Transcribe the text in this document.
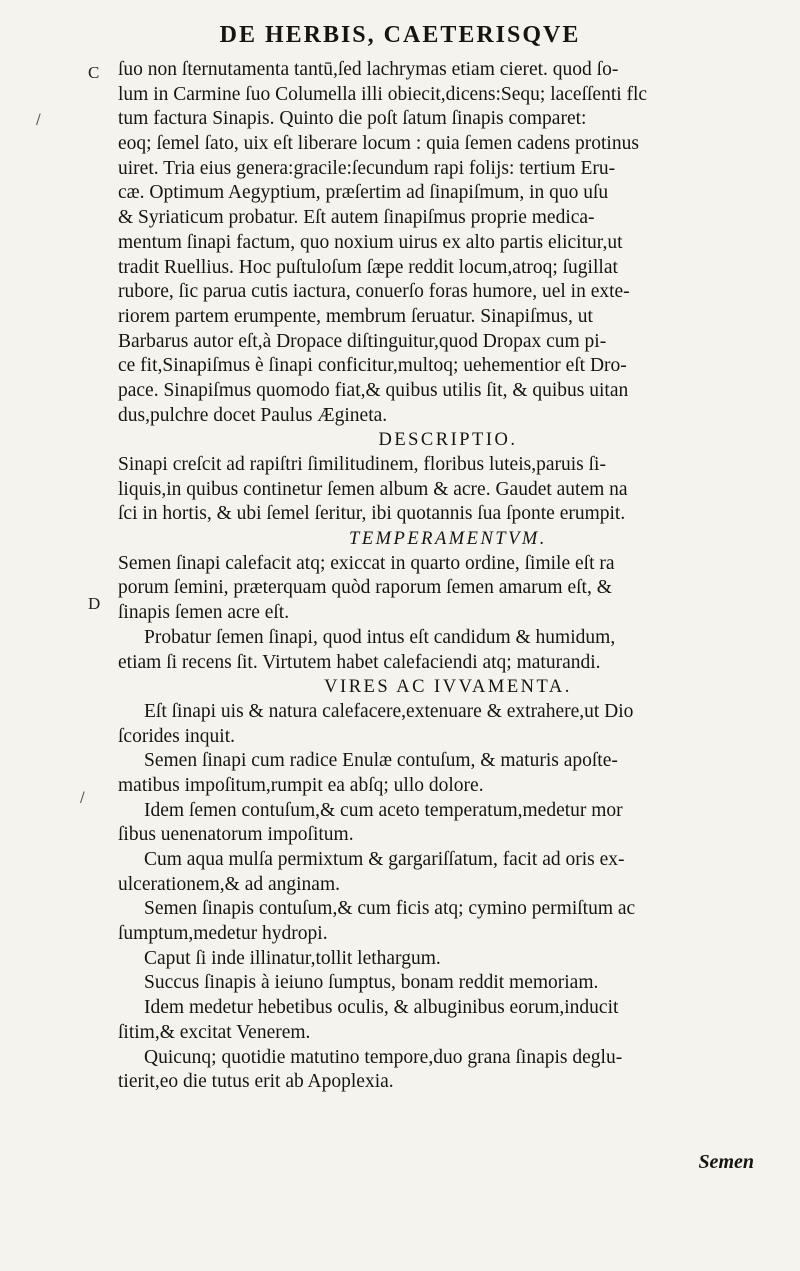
DE HERBIS, CAETERISQVE
C
D
ſuo non ſternutamenta tantū,ſed lachrymas etiam cieret. quod ſo-
lum in Carmine ſuo Columella illi obiecit,dicens:Sequ; laceſſenti flc
tum factura Sinapis. Quinto die poſt ſatum ſinapis comparet:
eoq; ſemel ſato, uix eſt liberare locum : quia ſemen cadens protinus
uiret. Tria eius genera:gracile:ſecundum rapi folijs: tertium Eru-
cæ. Optimum Aegyptium, præſertim ad ſinapiſmum, in quo uſu
& Syriaticum probatur. Eſt autem ſinapiſmus proprie medica-
mentum ſinapi factum, quo noxium uirus ex alto partis elicitur,ut
tradit Ruellius. Hoc puſtuloſum ſæpe reddit locum,atroq; ſugillat
rubore, ſic parua cutis iactura, conuerſo foras humore, uel in exte-
riorem partem erumpente, membrum ſeruatur. Sinapiſmus, ut
Barbarus autor eſt,à Dropace diſtinguitur,quod Dropax cum pi-
ce fit,Sinapiſmus è ſinapi conficitur,multoq; uehementior eſt Dro-
pace. Sinapiſmus quomodo fiat,& quibus utilis ſit, & quibus uitan
dus,pulchre docet Paulus Ægineta.
DESCRIPTIO.
Sinapi creſcit ad rapiſtri ſimilitudinem, floribus luteis,paruis ſi-
liquis,in quibus continetur ſemen album & acre. Gaudet autem na
ſci in hortis, & ubi ſemel ſeritur, ibi quotannis ſua ſponte erumpit.
TEMPERAMENTVM.
Semen ſinapi calefacit atq; exiccat in quarto ordine, ſimile eſt ra
porum ſemini, præterquam quòd raporum ſemen amarum eſt, &
ſinapis ſemen acre eſt.
Probatur ſemen ſinapi, quod intus eſt candidum & humidum,
etiam ſi recens ſit. Virtutem habet calefaciendi atq; maturandi.
VIRES AC IVVAMENTA.
Eſt ſinapi uis & natura calefacere,extenuare & extrahere,ut Dio
ſcorides inquit.
Semen ſinapi cum radice Enulæ contuſum, & maturis apoſte-
matibus impoſitum,rumpit ea abſq; ullo dolore.
Idem ſemen contuſum,& cum aceto temperatum,medetur mor
ſibus uenenatorum impoſitum.
Cum aqua mulſa permixtum & gargariſſatum, facit ad oris ex-
ulcerationem,& ad anginam.
Semen ſinapis contuſum,& cum ficis atq; cymino permiſtum ac
ſumptum,medetur hydropi.
Caput ſi inde illinatur,tollit lethargum.
Succus ſinapis à ieiuno ſumptus, bonam reddit memoriam.
Idem medetur hebetibus oculis, & albuginibus eorum,inducit
ſitim,& excitat Venerem.
Quicunq; quotidie matutino tempore,duo grana ſinapis deglu-
tierit,eo die tutus erit ab Apoplexia.
Semen
/
/
